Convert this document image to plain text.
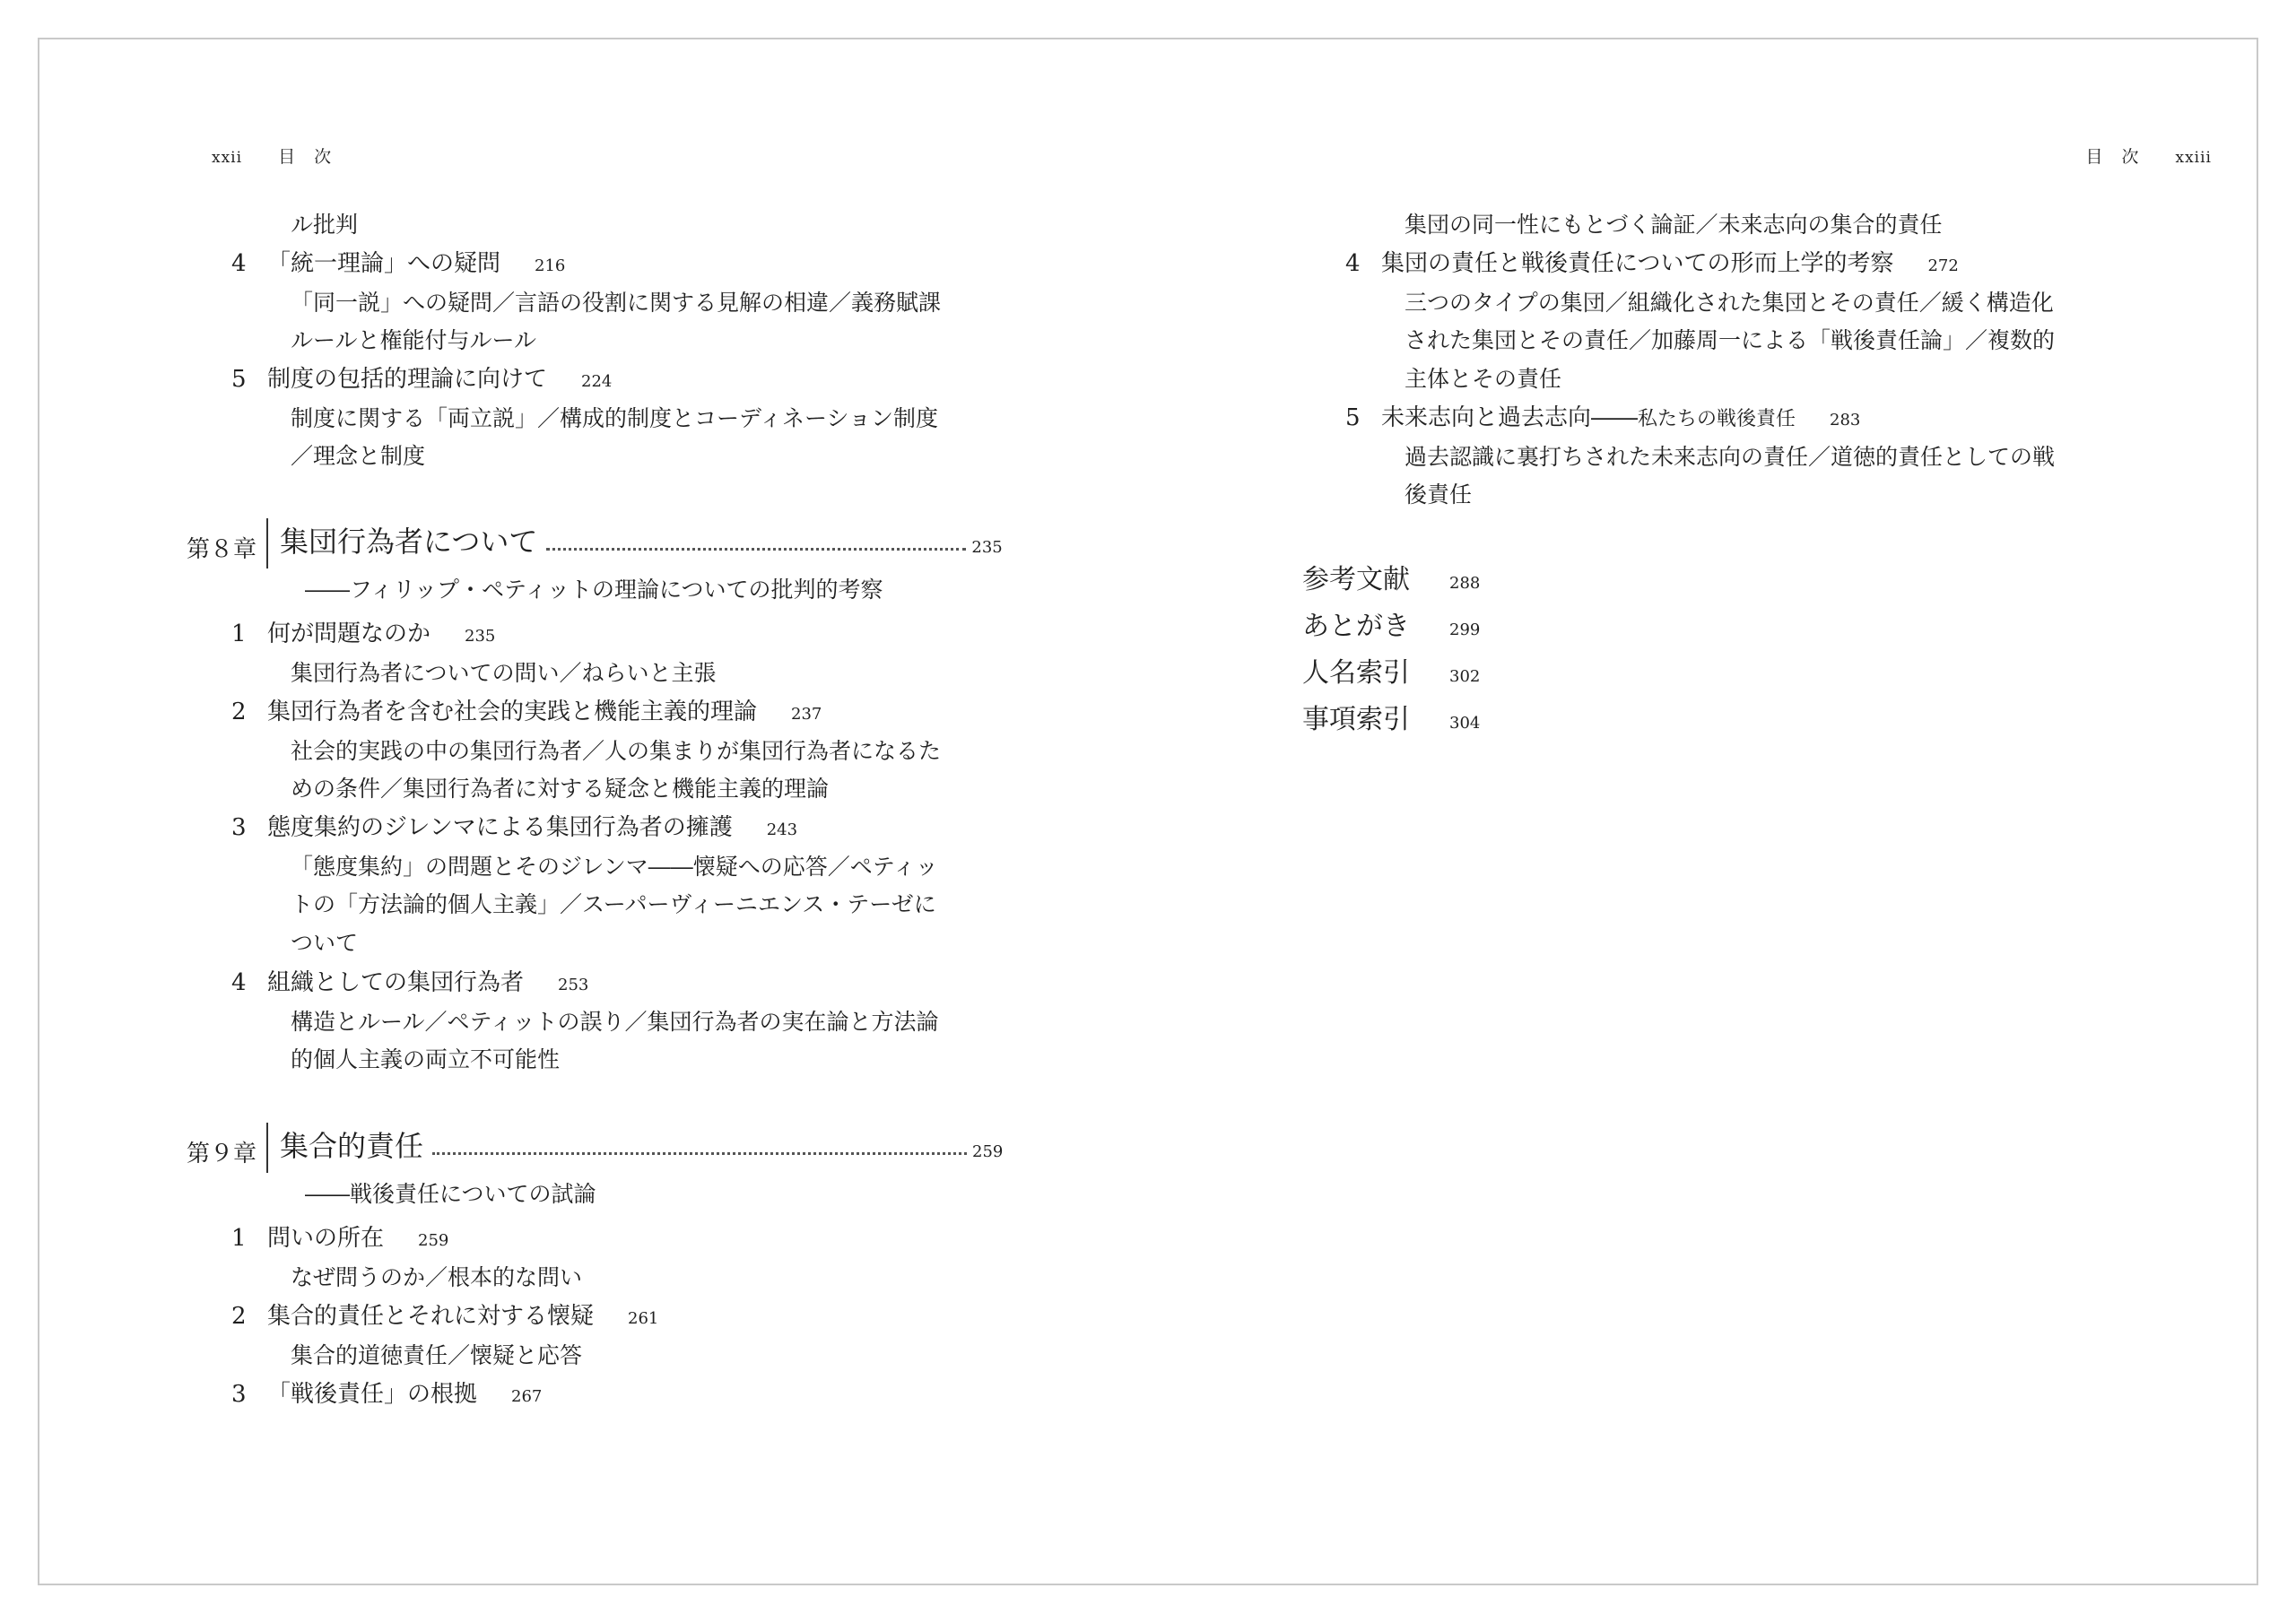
xxii 目　次
ル批判
4 「統一理論」への疑問 216
「同一説」への疑問／言語の役割に関する見解の相違／義務賦課
ルールと権能付与ルール
5 制度の包括的理論に向けて 224
制度に関する「両立説」／構成的制度とコーディネーション制度
／理念と制度
第８章 集団行為者について	235
――フィリップ・ペティットの理論についての批判的考察
1 何が問題なのか 235
集団行為者についての問い／ねらいと主張
2 集団行為者を含む社会的実践と機能主義的理論 237
社会的実践の中の集団行為者／人の集まりが集団行為者になるた
めの条件／集団行為者に対する疑念と機能主義的理論
3 態度集約のジレンマによる集団行為者の擁護 243
「態度集約」の問題とそのジレンマ――懐疑への応答／ペティッ
トの「方法論的個人主義」／スーパーヴィーニエンス・テーゼに
ついて
4 組織としての集団行為者 253
構造とルール／ペティットの誤り／集団行為者の実在論と方法論
的個人主義の両立不可能性
第９章 集合的責任	259
――戦後責任についての試論
1 問いの所在 259
なぜ問うのか／根本的な問い
2 集合的責任とそれに対する懐疑 261
集合的道徳責任／懐疑と応答
3 「戦後責任」の根拠 267
目　次 xxiii
集団の同一性にもとづく論証／未来志向の集合的責任
4 集団の責任と戦後責任についての形而上学的考察 272
三つのタイプの集団／組織化された集団とその責任／緩く構造化
された集団とその責任／加藤周一による「戦後責任論」／複数的
主体とその責任
5 未来志向と過去志向――私たちの戦後責任 283
過去認識に裏打ちされた未来志向の責任／道徳的責任としての戦
後責任
参考文献 288
あとがき 299
人名索引 302
事項索引 304
